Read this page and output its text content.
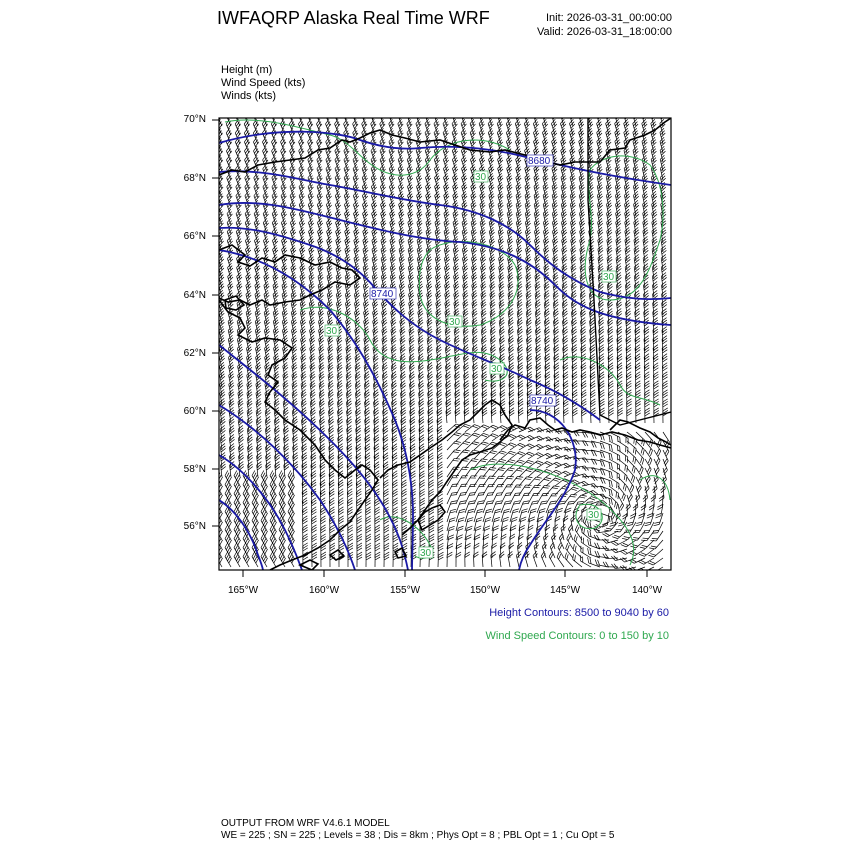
IWFAQRP Alaska Real Time WRF	Init: 2026-03-31_00:00:00
Valid: 2026-03-31_18:00:00
Height (m)
Wind Speed (kts)
Winds (kts)
8680
8740
8740
30
30
30
30
30
30
30
70°N
68°N
66°N
64°N
62°N
60°N
58°N
56°N
165°W	160°W	155°W	150°W	145°W	140°W
Height Contours: 8500 to 9040 by 60
Wind Speed Contours: 0 to 150 by 10
OUTPUT FROM WRF V4.6.1 MODEL
WE = 225 ; SN = 225 ; Levels = 38 ; Dis = 8km ; Phys Opt = 8 ; PBL Opt = 1 ; Cu Opt = 5
